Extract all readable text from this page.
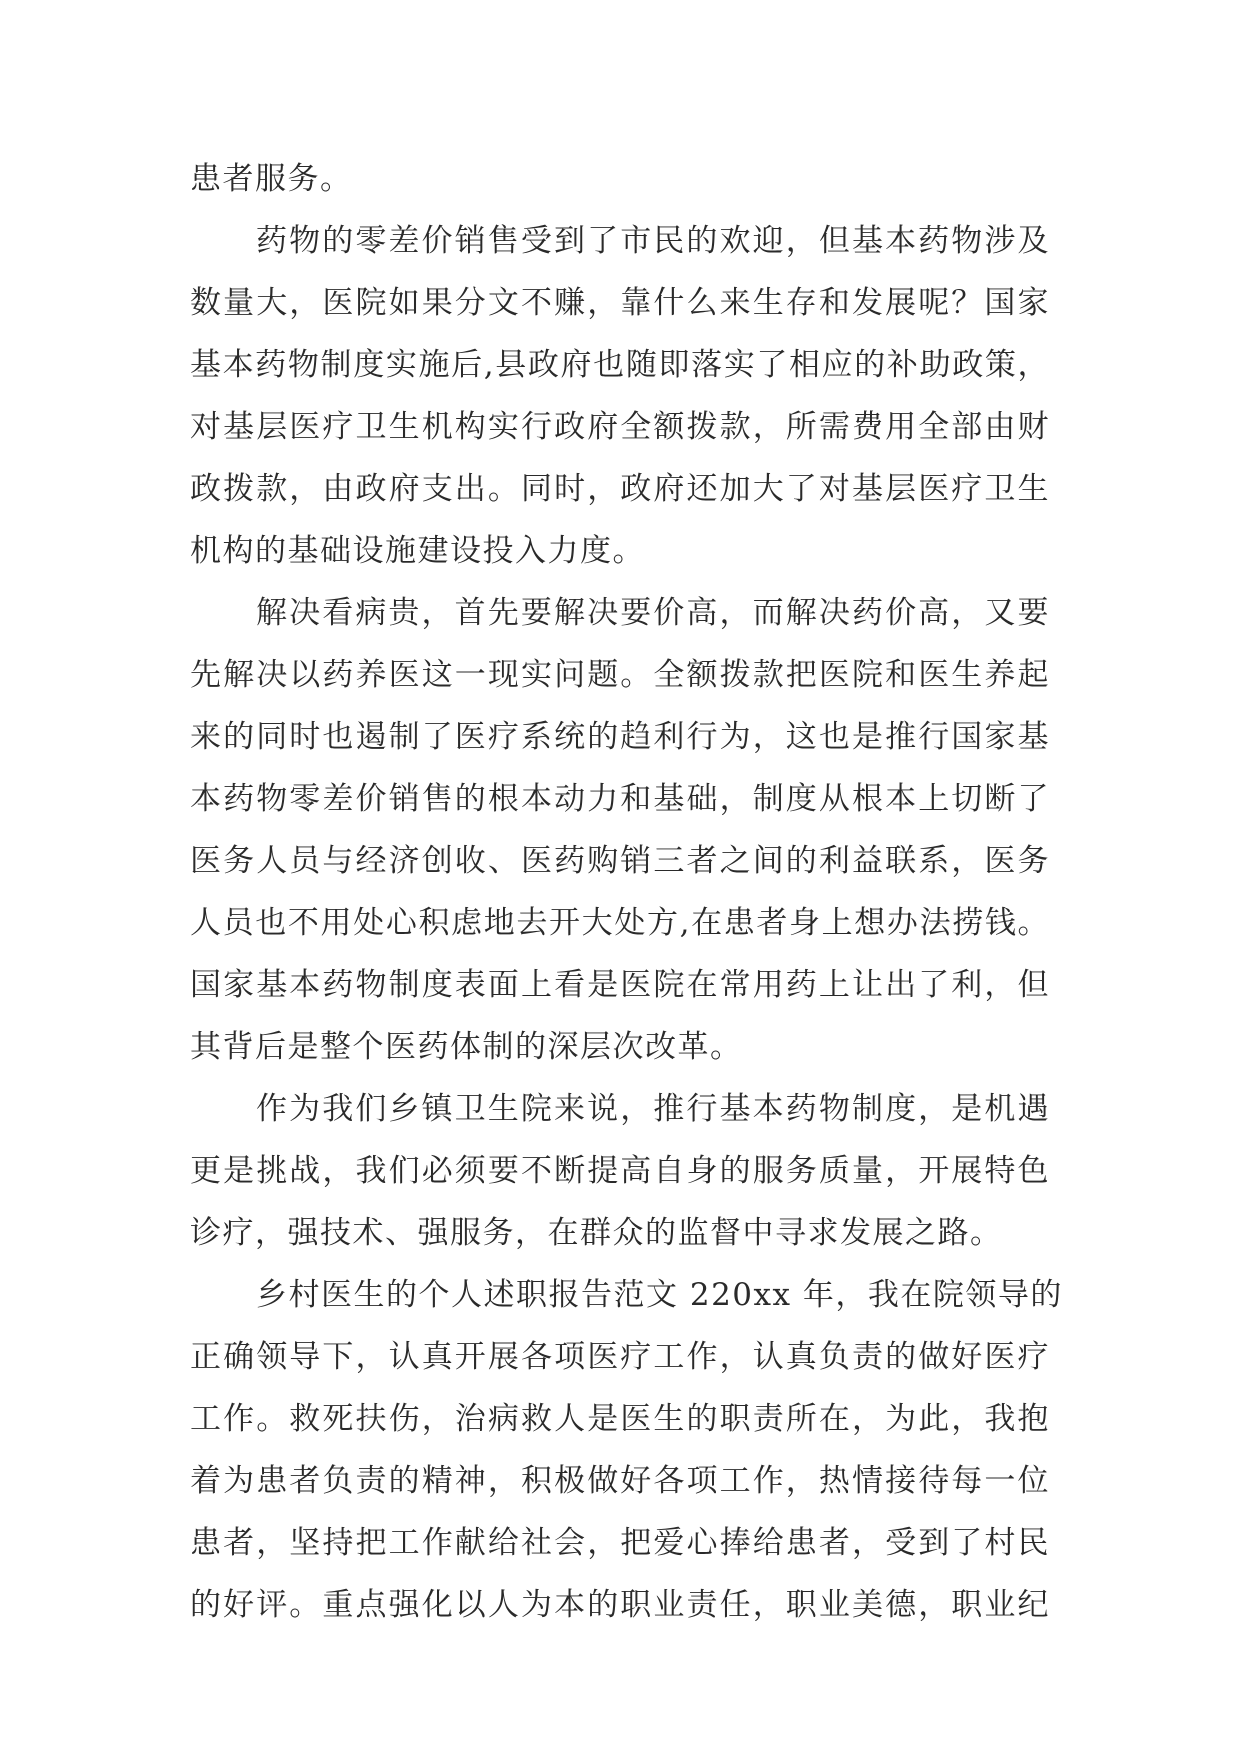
患者服务。
药物的零差价销售受到了市民的欢迎，但基本药物涉及
数量大，医院如果分文不赚，靠什么来生存和发展呢？国家
基本药物制度实施后,县政府也随即落实了相应的补助政策，
对基层医疗卫生机构实行政府全额拨款，所需费用全部由财
政拨款，由政府支出。同时，政府还加大了对基层医疗卫生
机构的基础设施建设投入力度。
解决看病贵，首先要解决要价高，而解决药价高，又要
先解决以药养医这一现实问题。全额拨款把医院和医生养起
来的同时也遏制了医疗系统的趋利行为，这也是推行国家基
本药物零差价销售的根本动力和基础，制度从根本上切断了
医务人员与经济创收、医药购销三者之间的利益联系，医务
人员也不用处心积虑地去开大处方,在患者身上想办法捞钱。
国家基本药物制度表面上看是医院在常用药上让出了利，但
其背后是整个医药体制的深层次改革。
作为我们乡镇卫生院来说，推行基本药物制度，是机遇
更是挑战，我们必须要不断提高自身的服务质量，开展特色
诊疗，强技术、强服务，在群众的监督中寻求发展之路。
乡村医生的个人述职报告范文 220xx 年，我在院领导的
正确领导下，认真开展各项医疗工作，认真负责的做好医疗
工作。救死扶伤，治病救人是医生的职责所在，为此，我抱
着为患者负责的精神，积极做好各项工作，热情接待每一位
患者，坚持把工作献给社会，把爱心捧给患者，受到了村民
的好评。重点强化以人为本的职业责任，职业美德，职业纪
